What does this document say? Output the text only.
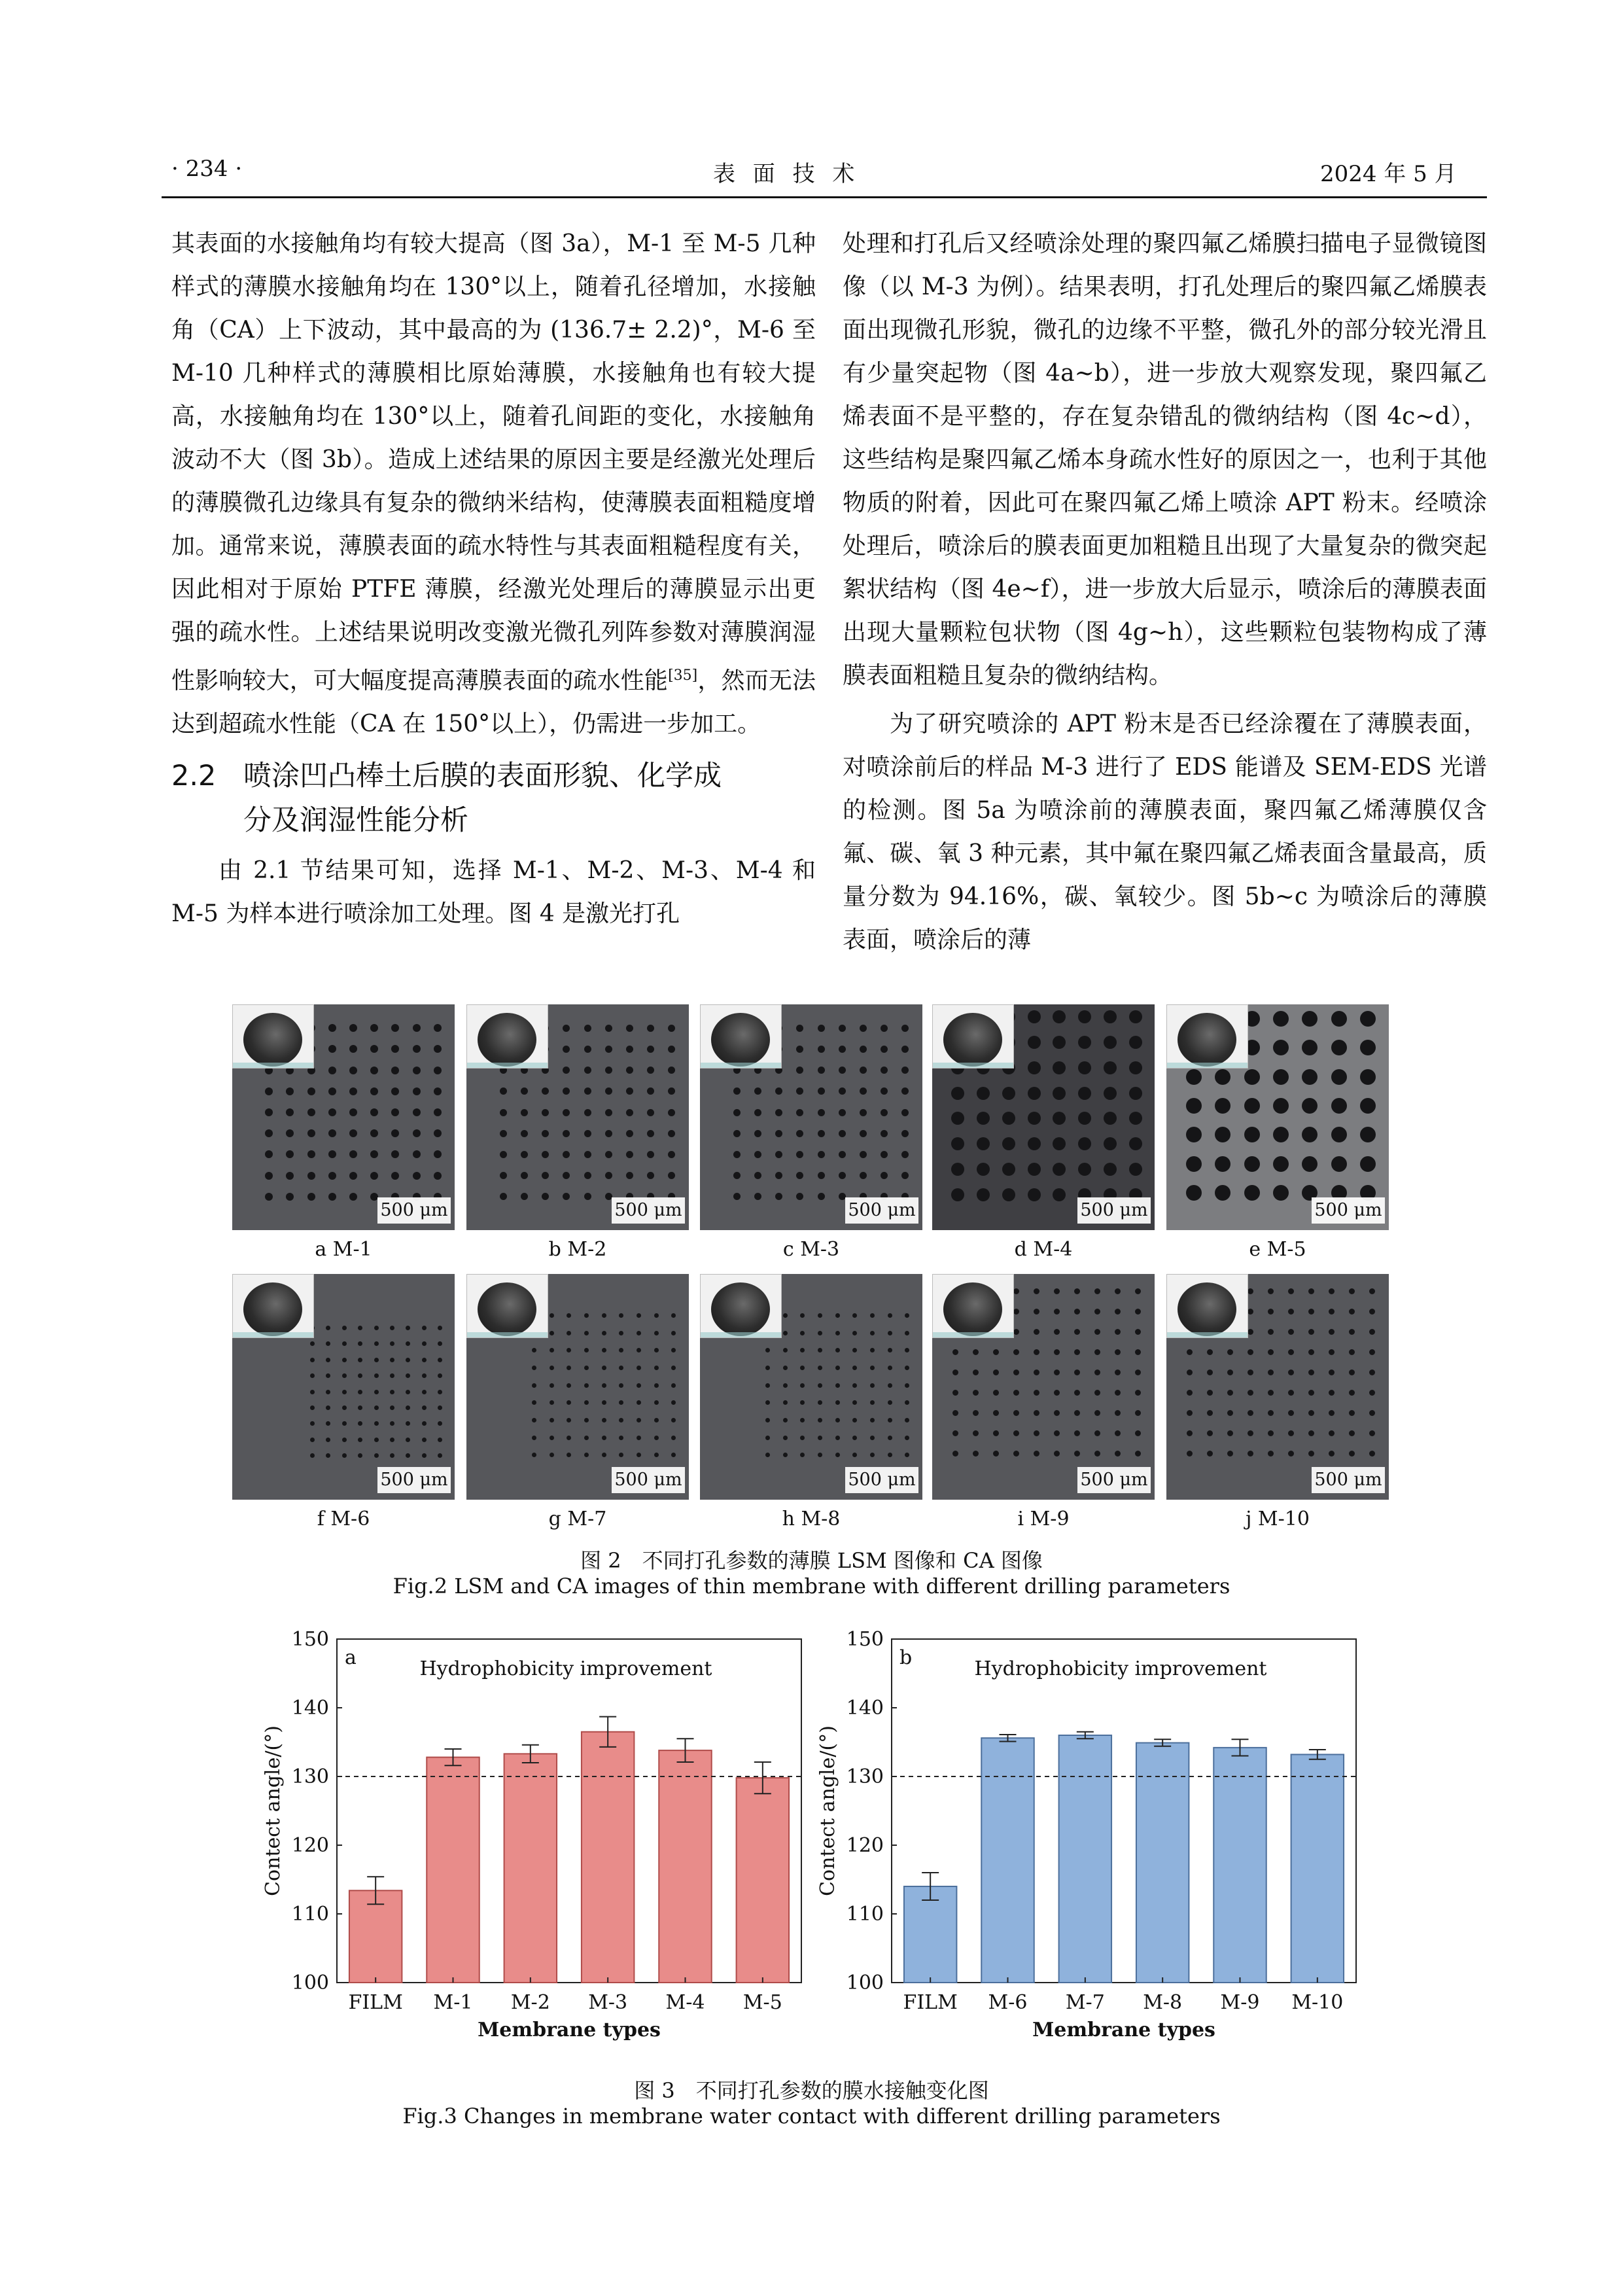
· 234 ·	表 面 技 术	2024 年 5 月

其表面的水接触角均有较大提高（图 3a），M-1 至 M-5 几种样式的薄膜水接触角均在 130°以上，随着孔径增加，水接触角（CA）上下波动，其中最高的为 (136.7± 2.2)°，M-6 至 M-10 几种样式的薄膜相比原始薄膜，水接触角也有较大提高，水接触角均在 130°以上，随着孔间距的变化，水接触角波动不大（图 3b）。造成上述结果的原因主要是经激光处理后的薄膜微孔边缘具有复杂的微纳米结构，使薄膜表面粗糙度增加。通常来说，薄膜表面的疏水特性与其表面粗糙程度有关，因此相对于原始 PTFE 薄膜，经激光处理后的薄膜显示出更强的疏水性。上述结果说明改变激光微孔列阵参数对薄膜润湿性影响较大，可大幅度提高薄膜表面的疏水性能[35]，然而无法达到超疏水性能（CA 在 150°以上），仍需进一步加工。

2.2 喷涂凹凸棒土后膜的表面形貌、化学成
分及润湿性能分析

由 2.1 节结果可知，选择 M-1、M-2、M-3、M-4 和 M-5 为样本进行喷涂加工处理。图 4 是激光打孔

处理和打孔后又经喷涂处理的聚四氟乙烯膜扫描电子显微镜图像（以 M-3 为例）。结果表明，打孔处理后的聚四氟乙烯膜表面出现微孔形貌，微孔的边缘不平整，微孔外的部分较光滑且有少量突起物（图 4a~b），进一步放大观察发现，聚四氟乙烯表面不是平整的，存在复杂错乱的微纳结构（图 4c~d），这些结构是聚四氟乙烯本身疏水性好的原因之一，也利于其他物质的附着，因此可在聚四氟乙烯上喷涂 APT 粉末。经喷涂处理后，喷涂后的膜表面更加粗糙且出现了大量复杂的微突起絮状结构（图 4e~f），进一步放大后显示，喷涂后的薄膜表面出现大量颗粒包状物（图 4g~h），这些颗粒包装物构成了薄膜表面粗糙且复杂的微纳结构。

为了研究喷涂的 APT 粉末是否已经涂覆在了薄膜表面，对喷涂前后的样品 M-3 进行了 EDS 能谱及 SEM-EDS 光谱的检测。图 5a 为喷涂前的薄膜表面，聚四氟乙烯薄膜仅含氟、碳、氧 3 种元素，其中氟在聚四氟乙烯表面含量最高，质量分数为 94.16%，碳、氧较少。图 5b~c 为喷涂后的薄膜表面，喷涂后的薄

500 μm
a M-1
500 μm
b M-2
500 μm
c M-3
500 μm
d M-4
500 μm
e M-5
500 μm
f M-6
500 μm
g M-7
500 μm
h M-8
500 μm
i M-9
500 μm
j M-10
图 2　不同打孔参数的薄膜 LSM 图像和 CA 图像
Fig.2 LSM and CA images of thin membrane with different drilling parameters
100
110
120
130
140
150
FILM M-1 M-2 M-3 M-4 M-5
a	Hydrophobicity improvement
Membrane types
Contect angle/(°)
100
110
120
130
140
150
FILM M-6 M-7 M-8 M-9 M-10
b	Hydrophobicity improvement
Membrane types
Contect angle/(°)
图 3　不同打孔参数的膜水接触变化图
Fig.3 Changes in membrane water contact with different drilling parameters
